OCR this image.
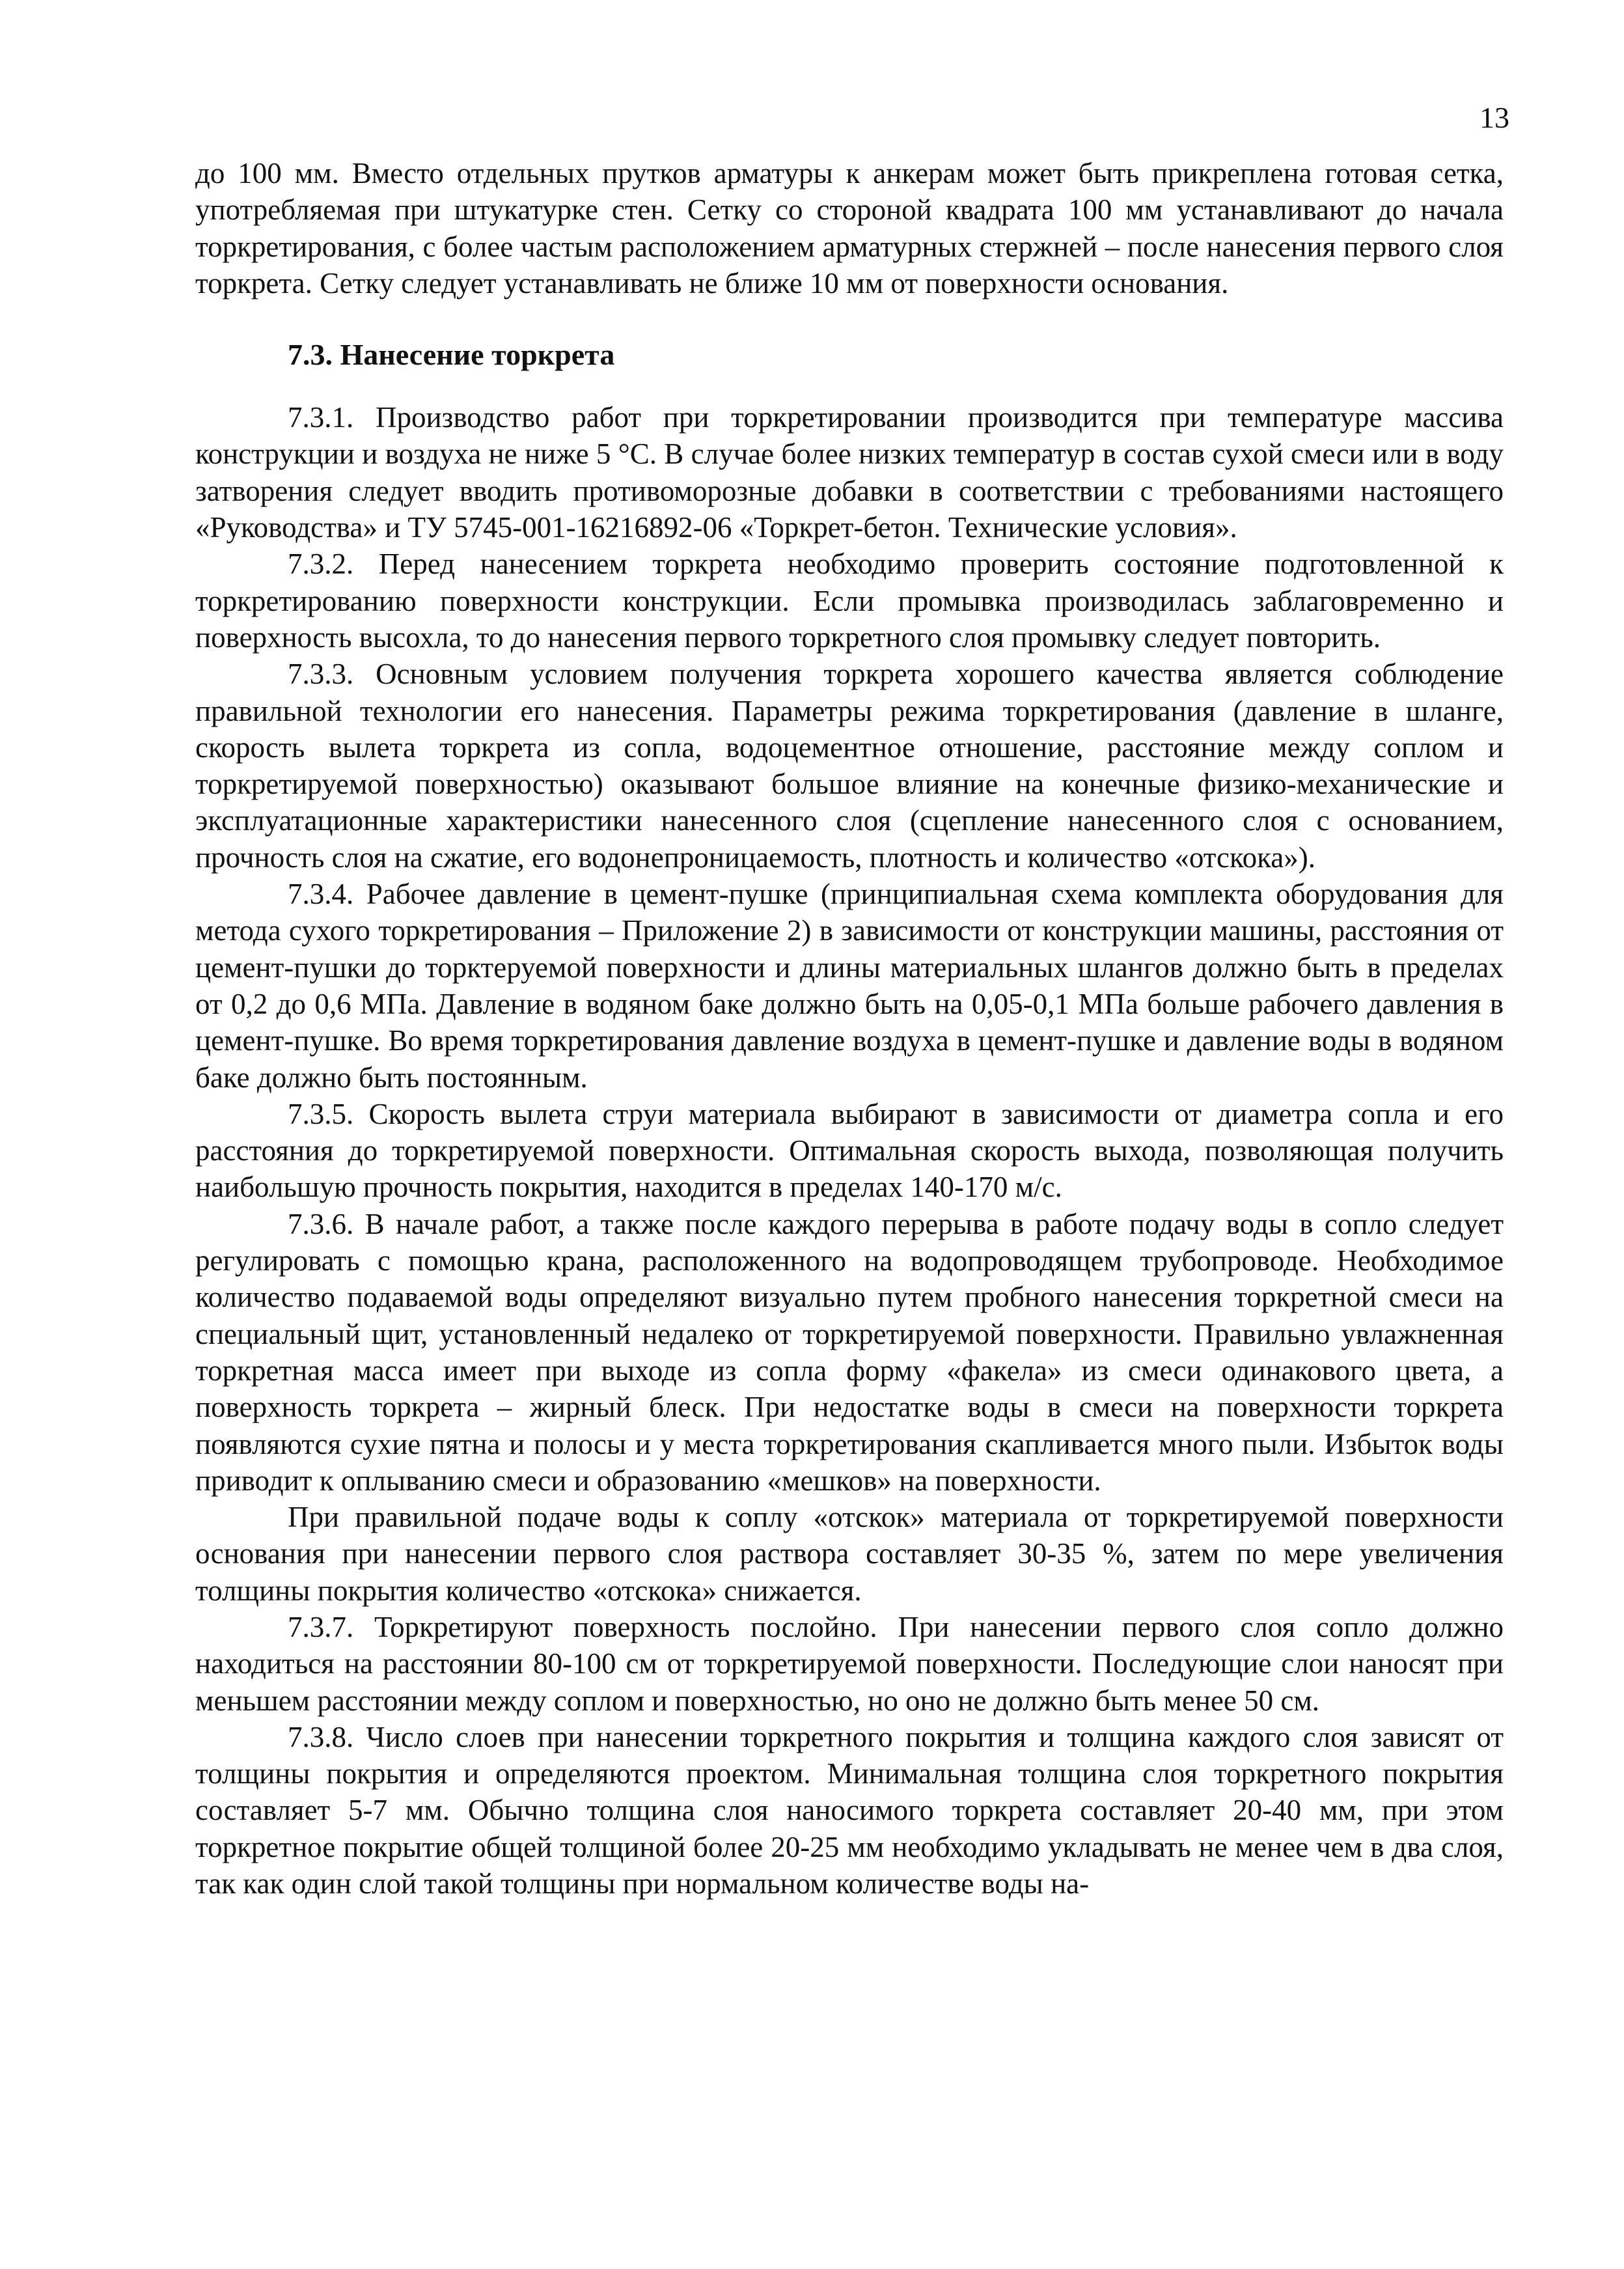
13

до 100 мм. Вместо отдельных прутков арматуры к анкерам может быть прикреплена готовая сетка, употребляемая при штукатурке стен. Сетку со стороной квадрата 100 мм устанавливают до начала торкретирования, с более частым расположением арматурных стержней – после нанесения первого слоя торкрета. Сетку следует устанавливать не ближе 10 мм от поверхности основания.

7.3. Нанесение торкрета

7.3.1. Производство работ при торкретировании производится при температуре массива конструкции и воздуха не ниже 5 °С. В случае более низких температур в состав сухой смеси или в воду затворения следует вводить противоморозные добавки в соответствии с требованиями настоящего «Руководства» и ТУ 5745-001-16216892-06 «Торкрет-бетон. Технические условия».

7.3.2. Перед нанесением торкрета необходимо проверить состояние подготовленной к торкретированию поверхности конструкции. Если промывка производилась заблаговременно и поверхность высохла, то до нанесения первого торкретного слоя промывку следует повторить.

7.3.3. Основным условием получения торкрета хорошего качества является соблюдение правильной технологии его нанесения. Параметры режима торкретирования (давление в шланге, скорость вылета торкрета из сопла, водоцементное отношение, расстояние между соплом и торкретируемой поверхностью) оказывают большое влияние на конечные физико-механические и эксплуатационные характеристики нанесенного слоя (сцепление нанесенного слоя с основанием, прочность слоя на сжатие, его водонепроницаемость, плотность и количество «отскока»).

7.3.4. Рабочее давление в цемент-пушке (принципиальная схема комплекта оборудования для метода сухого торкретирования – Приложение 2) в зависимости от конструкции машины, расстояния от цемент-пушки до торктеруемой поверхности и длины материальных шлангов должно быть в пределах от 0,2 до 0,6 МПа. Давление в водяном баке должно быть на 0,05-0,1 МПа больше рабочего давления в цемент-пушке. Во время торкретирования давление воздуха в цемент-пушке и давление воды в водяном баке должно быть постоянным.

7.3.5. Скорость вылета струи материала выбирают в зависимости от диаметра сопла и его расстояния до торкретируемой поверхности. Оптимальная скорость выхода, позволяющая получить наибольшую прочность покрытия, находится в пределах 140-170 м/с.

7.3.6. В начале работ, а также после каждого перерыва в работе подачу воды в сопло следует регулировать с помощью крана, расположенного на водопроводящем трубопроводе. Необходимое количество подаваемой воды определяют визуально путем пробного нанесения торкретной смеси на специальный щит, установленный недалеко от торкретируемой поверхности. Правильно увлажненная торкретная масса имеет при выходе из сопла форму «факела» из смеси одинакового цвета, а поверхность торкрета – жирный блеск. При недостатке воды в смеси на поверхности торкрета появляются сухие пятна и полосы и у места торкретирования скапливается много пыли. Избыток воды приводит к оплыванию смеси и образованию «мешков» на поверхности.

При правильной подаче воды к соплу «отскок» материала от торкретируемой поверхности основания при нанесении первого слоя раствора составляет 30-35 %, затем по мере увеличения толщины покрытия количество «отскока» снижается.

7.3.7. Торкретируют поверхность послойно. При нанесении первого слоя сопло должно находиться на расстоянии 80-100 см от торкретируемой поверхности. Последующие слои наносят при меньшем расстоянии между соплом и поверхностью, но оно не должно быть менее 50 см.

7.3.8. Число слоев при нанесении торкретного покрытия и толщина каждого слоя зависят от толщины покрытия и определяются проектом. Минимальная толщина слоя торкретного покрытия составляет 5-7 мм. Обычно толщина слоя наносимого торкрета составляет 20-40 мм, при этом торкретное покрытие общей толщиной более 20-25 мм необходимо укладывать не менее чем в два слоя, так как один слой такой толщины при нормальном количестве воды на-
